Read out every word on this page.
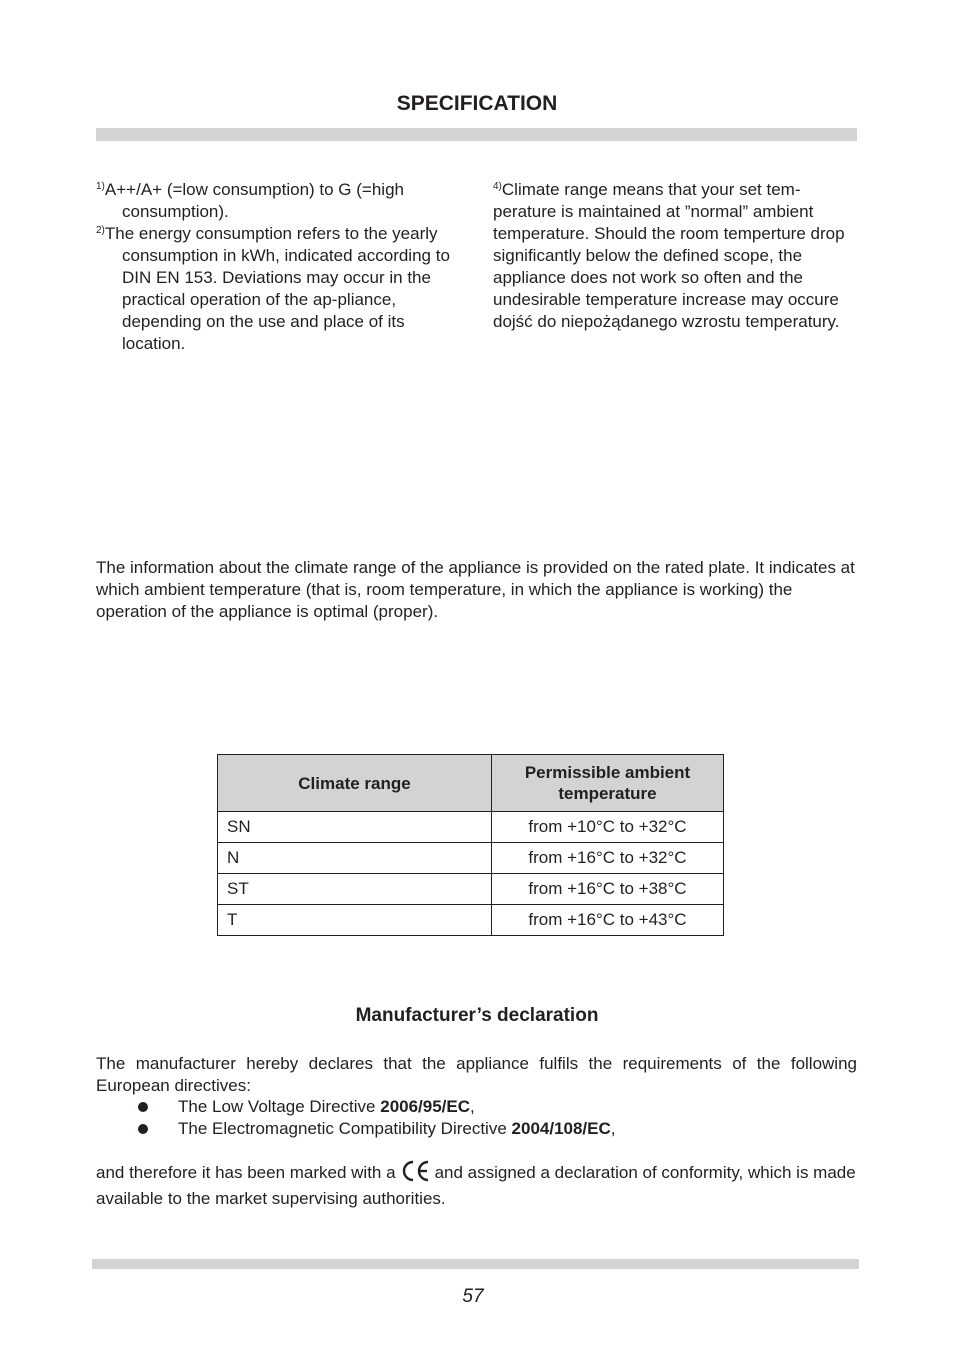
SPECIFICATION

$^{1)}$A++/A+ (=low consumption) to G (=high consumption).

$^{2)}$The energy consumption refers to the yearly consumption in kWh, indicated according to DIN EN 153. Deviations may occur in the practical operation of the ap-pliance, depending on the use and place of its location.

$^{4)}$Climate range means that your set tem-perature is maintained at ”normal” ambient temperature. Should the room temperture drop significantly below the defined scope, the appliance does not work so often and the undesirable temperature increase may occure dojść do niepożądanego wzrostu temperatury.

The information about the climate range of the appliance is provided on the rated plate. It indicates at which ambient temperature (that is, room temperature, in which the appliance is working) the operation of the appliance is optimal (proper).

Climate range	Permissible ambient temperature
SN	from +10°C to +32°C
N	from +16°C to +32°C
ST	from +16°C to +38°C
T	from +16°C to +43°C
Manufacturer’s declaration

The manufacturer hereby declares that the appliance fulfils the requirements of the following European directives:

The Low Voltage Directive 2006/95/EC,
The Electromagnetic Compatibility Directive 2004/108/EC,

and therefore it has been marked with a and assigned a declaration of conformity, which is made available to the market supervising authorities.

57
